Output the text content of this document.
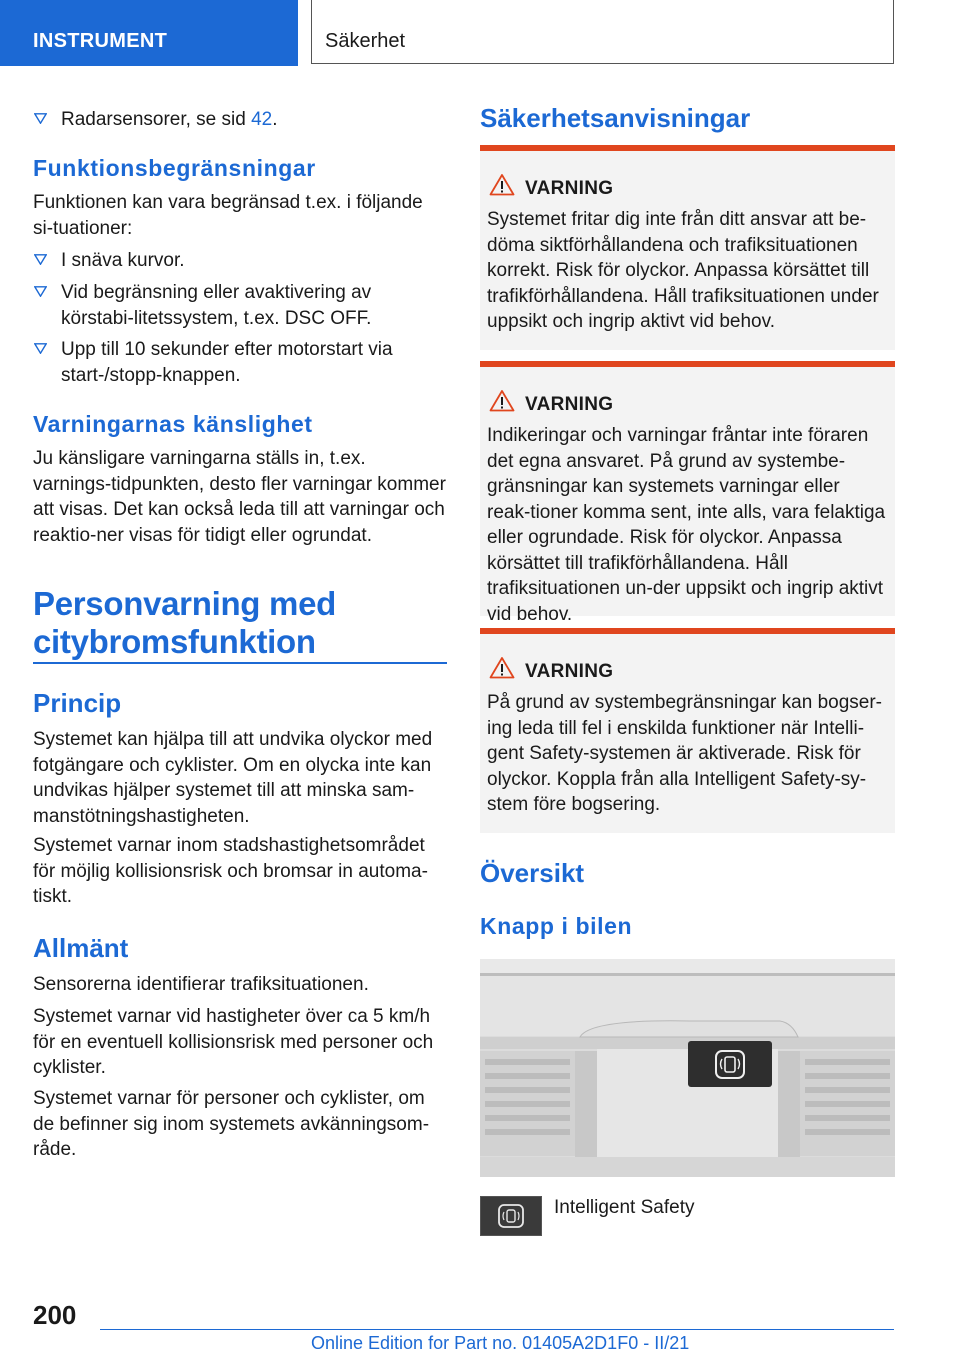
INSTRUMENT	Säkerhet

Radarsensorer, se sid 42.

Funktionsbegränsningar

Funktionen kan vara begränsad t.ex. i följande si-tuationer:

I snäva kurvor.

Vid begränsning eller avaktivering av körstabi-litetssystem, t.ex. DSC OFF.

Upp till 10 sekunder efter motorstart via start-/stopp-knappen.

Varningarnas känslighet

Ju känsligare varningarna ställs in, t.ex. varnings-tidpunkten, desto fler varningar kommer att visas. Det kan också leda till att varningar och reaktio-ner visas för tidigt eller ogrundat.

Personvarning med citybromsfunktion
Princip

Systemet kan hjälpa till att undvika olyckor med fotgängare och cyklister. Om en olycka inte kan undvikas hjälper systemet till att minska sam-manstötningshastigheten.

Systemet varnar inom stadshastighetsområdet för möjlig kollisionsrisk och bromsar in automa-tiskt.

Allmänt

Sensorerna identifierar trafiksituationen.

Systemet varnar vid hastigheter över ca 5 km/h för en eventuell kollisionsrisk med personer och cyklister.

Systemet varnar för personer och cyklister, om de befinner sig inom systemets avkänningsom-råde.

Säkerhetsanvisningar
VARNING

Systemet fritar dig inte från ditt ansvar att be-döma siktförhållandena och trafiksituationen korrekt. Risk för olyckor. Anpassa körsättet till trafikförhållandena. Håll trafiksituationen under uppsikt och ingrip aktivt vid behov.

VARNING

Indikeringar och varningar fråntar inte föraren det egna ansvaret. På grund av systembe-gränsningar kan systemets varningar eller reak-tioner komma sent, inte alls, vara felaktiga eller ogrundade. Risk för olyckor. Anpassa körsättet till trafikförhållandena. Håll trafiksituationen un-der uppsikt och ingrip aktivt vid behov.

VARNING

På grund av systembegränsningar kan bogser-ing leda till fel i enskilda funktioner när Intelli-gent Safety-systemen är aktiverade. Risk för olyckor. Koppla från alla Intelligent Safety-sy-stem före bogsering.

Översikt
Knapp i bilen

Intelligent Safety

200
Online Edition for Part no. 01405A2D1F0 - II/21
